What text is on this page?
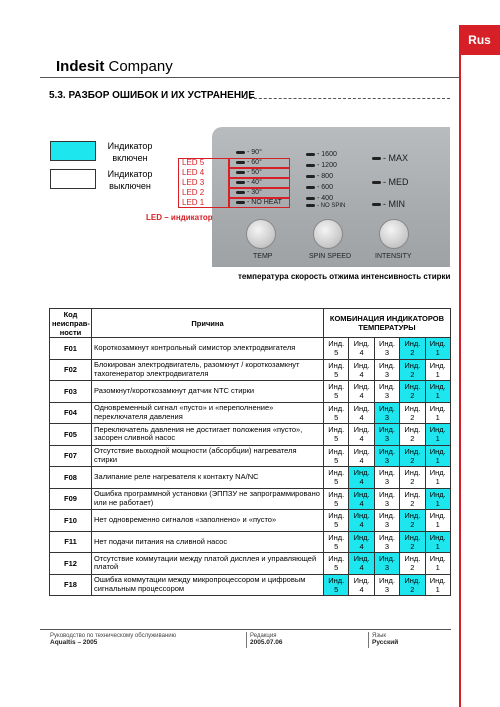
Rus
Indesit Company
5.3. РАЗБОР ОШИБОК И ИХ УСТРАНЕНИЕ
Индикатор включен
Индикатор выключен
- 90°
- 60°
- 50°
- 40°
- 30°
- NO HEAT
- 1600
- 1200
- 800
- 600
- 400
- NO SPIN
- MAX
- MED
- MIN
TEMP	SPIN SPEED	INTENSITY
LED 5
LED 4
LED 3
LED 2
LED 1
LED – индикатор
температура скорость отжима интенсивность стирки
Код неисправ-ности	Причина	КОМБИНАЦИЯ ИНДИКАТОРОВ ТЕМПЕРАТУРЫ				
F01	Короткозамкнут контрольный симистор электродвигателя	Инд. 5	Инд. 4	Инд. 3	Инд. 2	Инд. 1
F02	Блокирован электродвигатель, разомкнут / короткозамкнут тахогенератор электродвигателя	Инд. 5	Инд. 4	Инд. 3	Инд. 2	Инд. 1
F03	Разомкнут/короткозамкнут датчик NTC стирки	Инд. 5	Инд. 4	Инд. 3	Инд. 2	Инд. 1
F04	Одновременный сигнал «пусто» и «переполнение» переключателя давления	Инд. 5	Инд. 4	Инд. 3	Инд. 2	Инд. 1
F05	Переключатель давления не достигает положения «пусто», засорен сливной насос	Инд. 5	Инд. 4	Инд. 3	Инд. 2	Инд. 1
F07	Отсутствие выходной мощности (абсорбции) нагревателя стирки	Инд. 5	Инд. 4	Инд. 3	Инд. 2	Инд. 1
F08	Залипание реле нагревателя к контакту NA/NC	Инд. 5	Инд. 4	Инд. 3	Инд. 2	Инд. 1
F09	Ошибка программной установки (ЭППЗУ не запрограммировано или не работает)	Инд. 5	Инд. 4	Инд. 3	Инд. 2	Инд. 1
F10	Нет одновременно сигналов «заполнено» и «пусто»	Инд. 5	Инд. 4	Инд. 3	Инд. 2	Инд. 1
F11	Нет подачи питания на сливной насос	Инд. 5	Инд. 4	Инд. 3	Инд. 2	Инд. 1
F12	Отсутствие коммутации между платой дисплея и управляющей платой	Инд. 5	Инд. 4	Инд. 3	Инд. 2	Инд. 1
F18	Ошибка коммутации между микропроцессором и цифровым сигнальным процессором	Инд. 5	Инд. 4	Инд. 3	Инд. 2	Инд. 1
Руководство по техническому обслуживанию
Aqualtis – 2005
Редакция
2005.07.06
Язык
Русский
